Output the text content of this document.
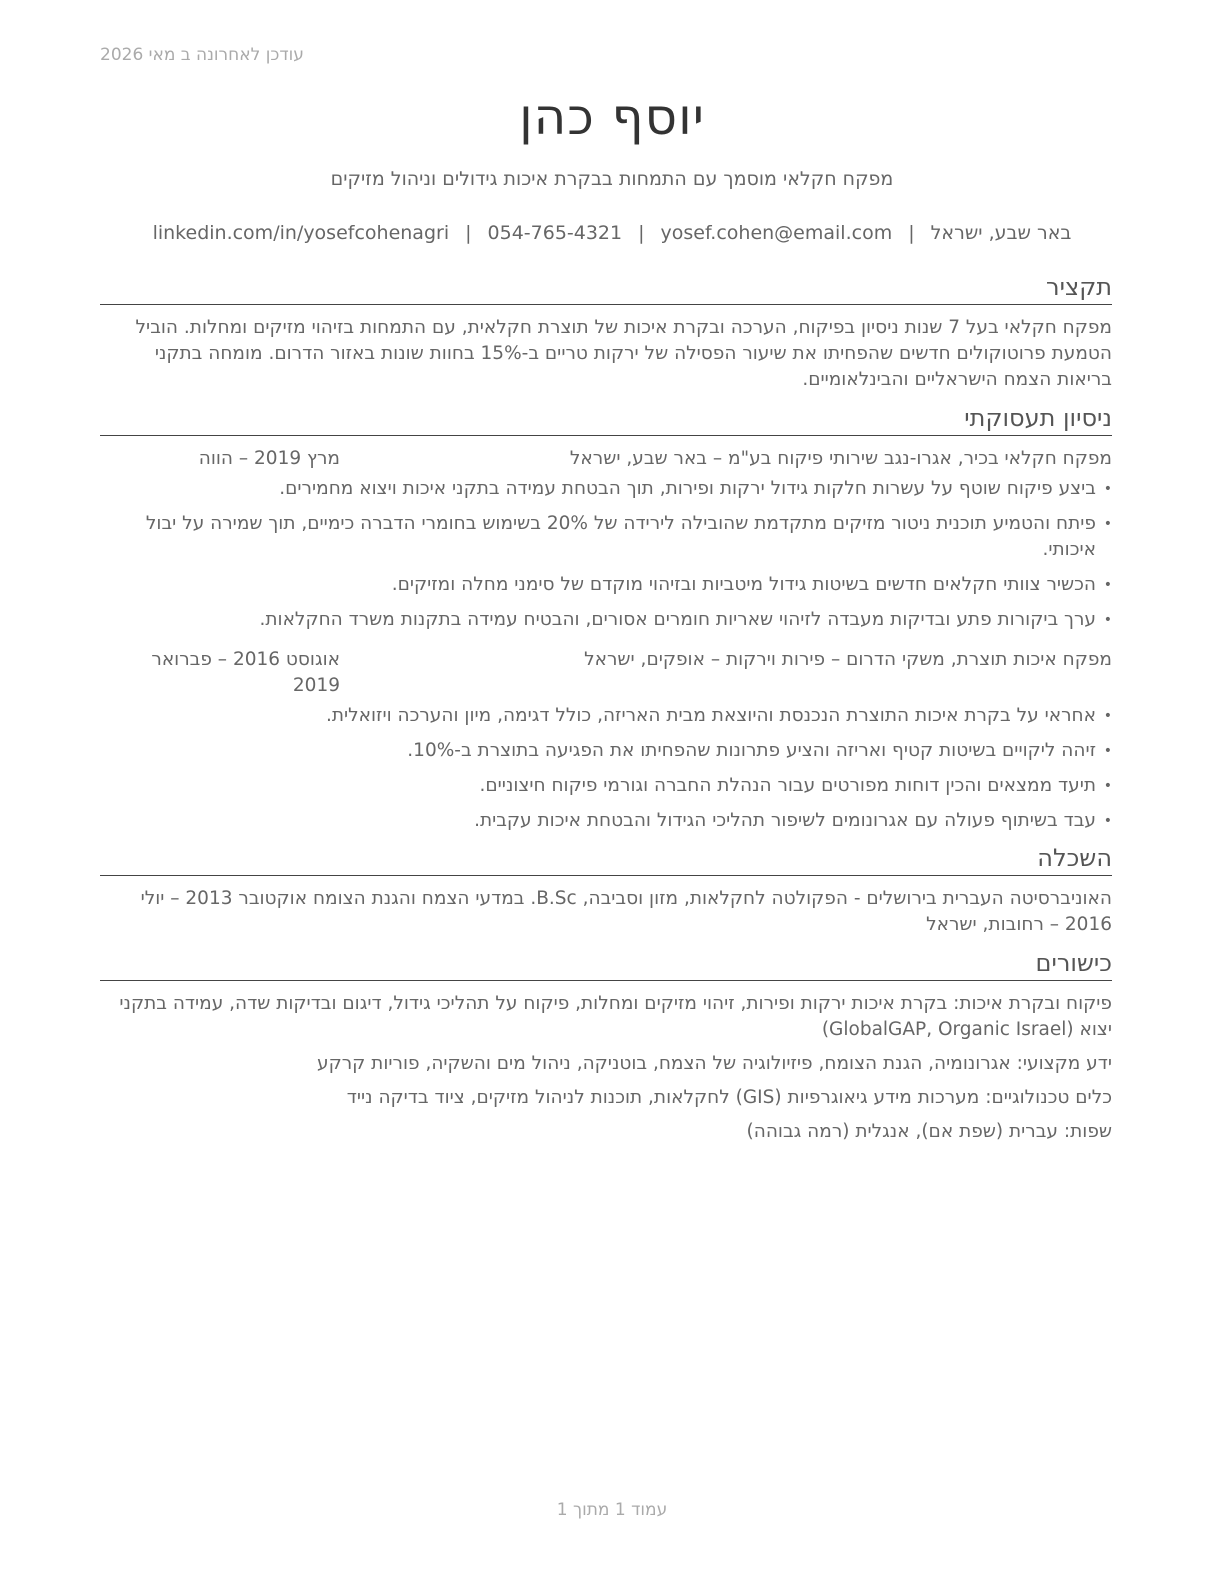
עודכן לאחרונה ב מאי 2026
יוסף כהן
מפקח חקלאי מוסמך עם התמחות בבקרת איכות גידולים וניהול מזיקים
באר שבע, ישראל|yosef.cohen@email.com|054-765-4321|linkedin.com/in/yosefcohenagri
תקציר

מפקח חקלאי בעל 7 שנות ניסיון בפיקוח, הערכה ובקרת איכות של תוצרת חקלאית, עם התמחות בזיהוי מזיקים ומחלות. הוביל הטמעת פרוטוקולים חדשים שהפחיתו את שיעור הפסילה של ירקות טריים ב-15% בחוות שונות באזור הדרום. מומחה בתקני בריאות הצמח הישראליים והבינלאומיים.

ניסיון תעסוקתי
מפקח חקלאי בכיר, אגרו-נגב שירותי פיקוח בע"מ – באר שבע, ישראל
מרץ 2019 – הווה
• ביצע פיקוח שוטף על עשרות חלקות גידול ירקות ופירות, תוך הבטחת עמידה בתקני איכות ויצוא מחמירים.
• פיתח והטמיע תוכנית ניטור מזיקים מתקדמת שהובילה לירידה של 20% בשימוש בחומרי הדברה כימיים, תוך שמירה על יבול איכותי.
• הכשיר צוותי חקלאים חדשים בשיטות גידול מיטביות ובזיהוי מוקדם של סימני מחלה ומזיקים.
• ערך ביקורות פתע ובדיקות מעבדה לזיהוי שאריות חומרים אסורים, והבטיח עמידה בתקנות משרד החקלאות.
מפקח איכות תוצרת, משקי הדרום – פירות וירקות – אופקים, ישראל
אוגוסט 2016 – פברואר 2019
• אחראי על בקרת איכות התוצרת הנכנסת והיוצאת מבית האריזה, כולל דגימה, מיון והערכה ויזואלית.
• זיהה ליקויים בשיטות קטיף ואריזה והציע פתרונות שהפחיתו את הפגיעה בתוצרת ב-10%.
• תיעד ממצאים והכין דוחות מפורטים עבור הנהלת החברה וגורמי פיקוח חיצוניים.
• עבד בשיתוף פעולה עם אגרונומים לשיפור תהליכי הגידול והבטחת איכות עקבית.
השכלה

האוניברסיטה העברית בירושלים - הפקולטה לחקלאות, מזון וסביבה, B.Sc. במדעי הצמח והגנת הצומח אוקטובר 2013 – יולי 2016 – רחובות, ישראל

כישורים

פיקוח ובקרת איכות: בקרת איכות ירקות ופירות, זיהוי מזיקים ומחלות, פיקוח על תהליכי גידול, דיגום ובדיקות שדה, עמידה בתקני יצוא (GlobalGAP, Organic Israel)

ידע מקצועי: אגרונומיה, הגנת הצומח, פיזיולוגיה של הצמח, בוטניקה, ניהול מים והשקיה, פוריות קרקע

כלים טכנולוגיים: מערכות מידע גיאוגרפיות (GIS) לחקלאות, תוכנות לניהול מזיקים, ציוד בדיקה נייד

שפות: עברית (שפת אם), אנגלית (רמה גבוהה)

עמוד 1 מתוך 1
